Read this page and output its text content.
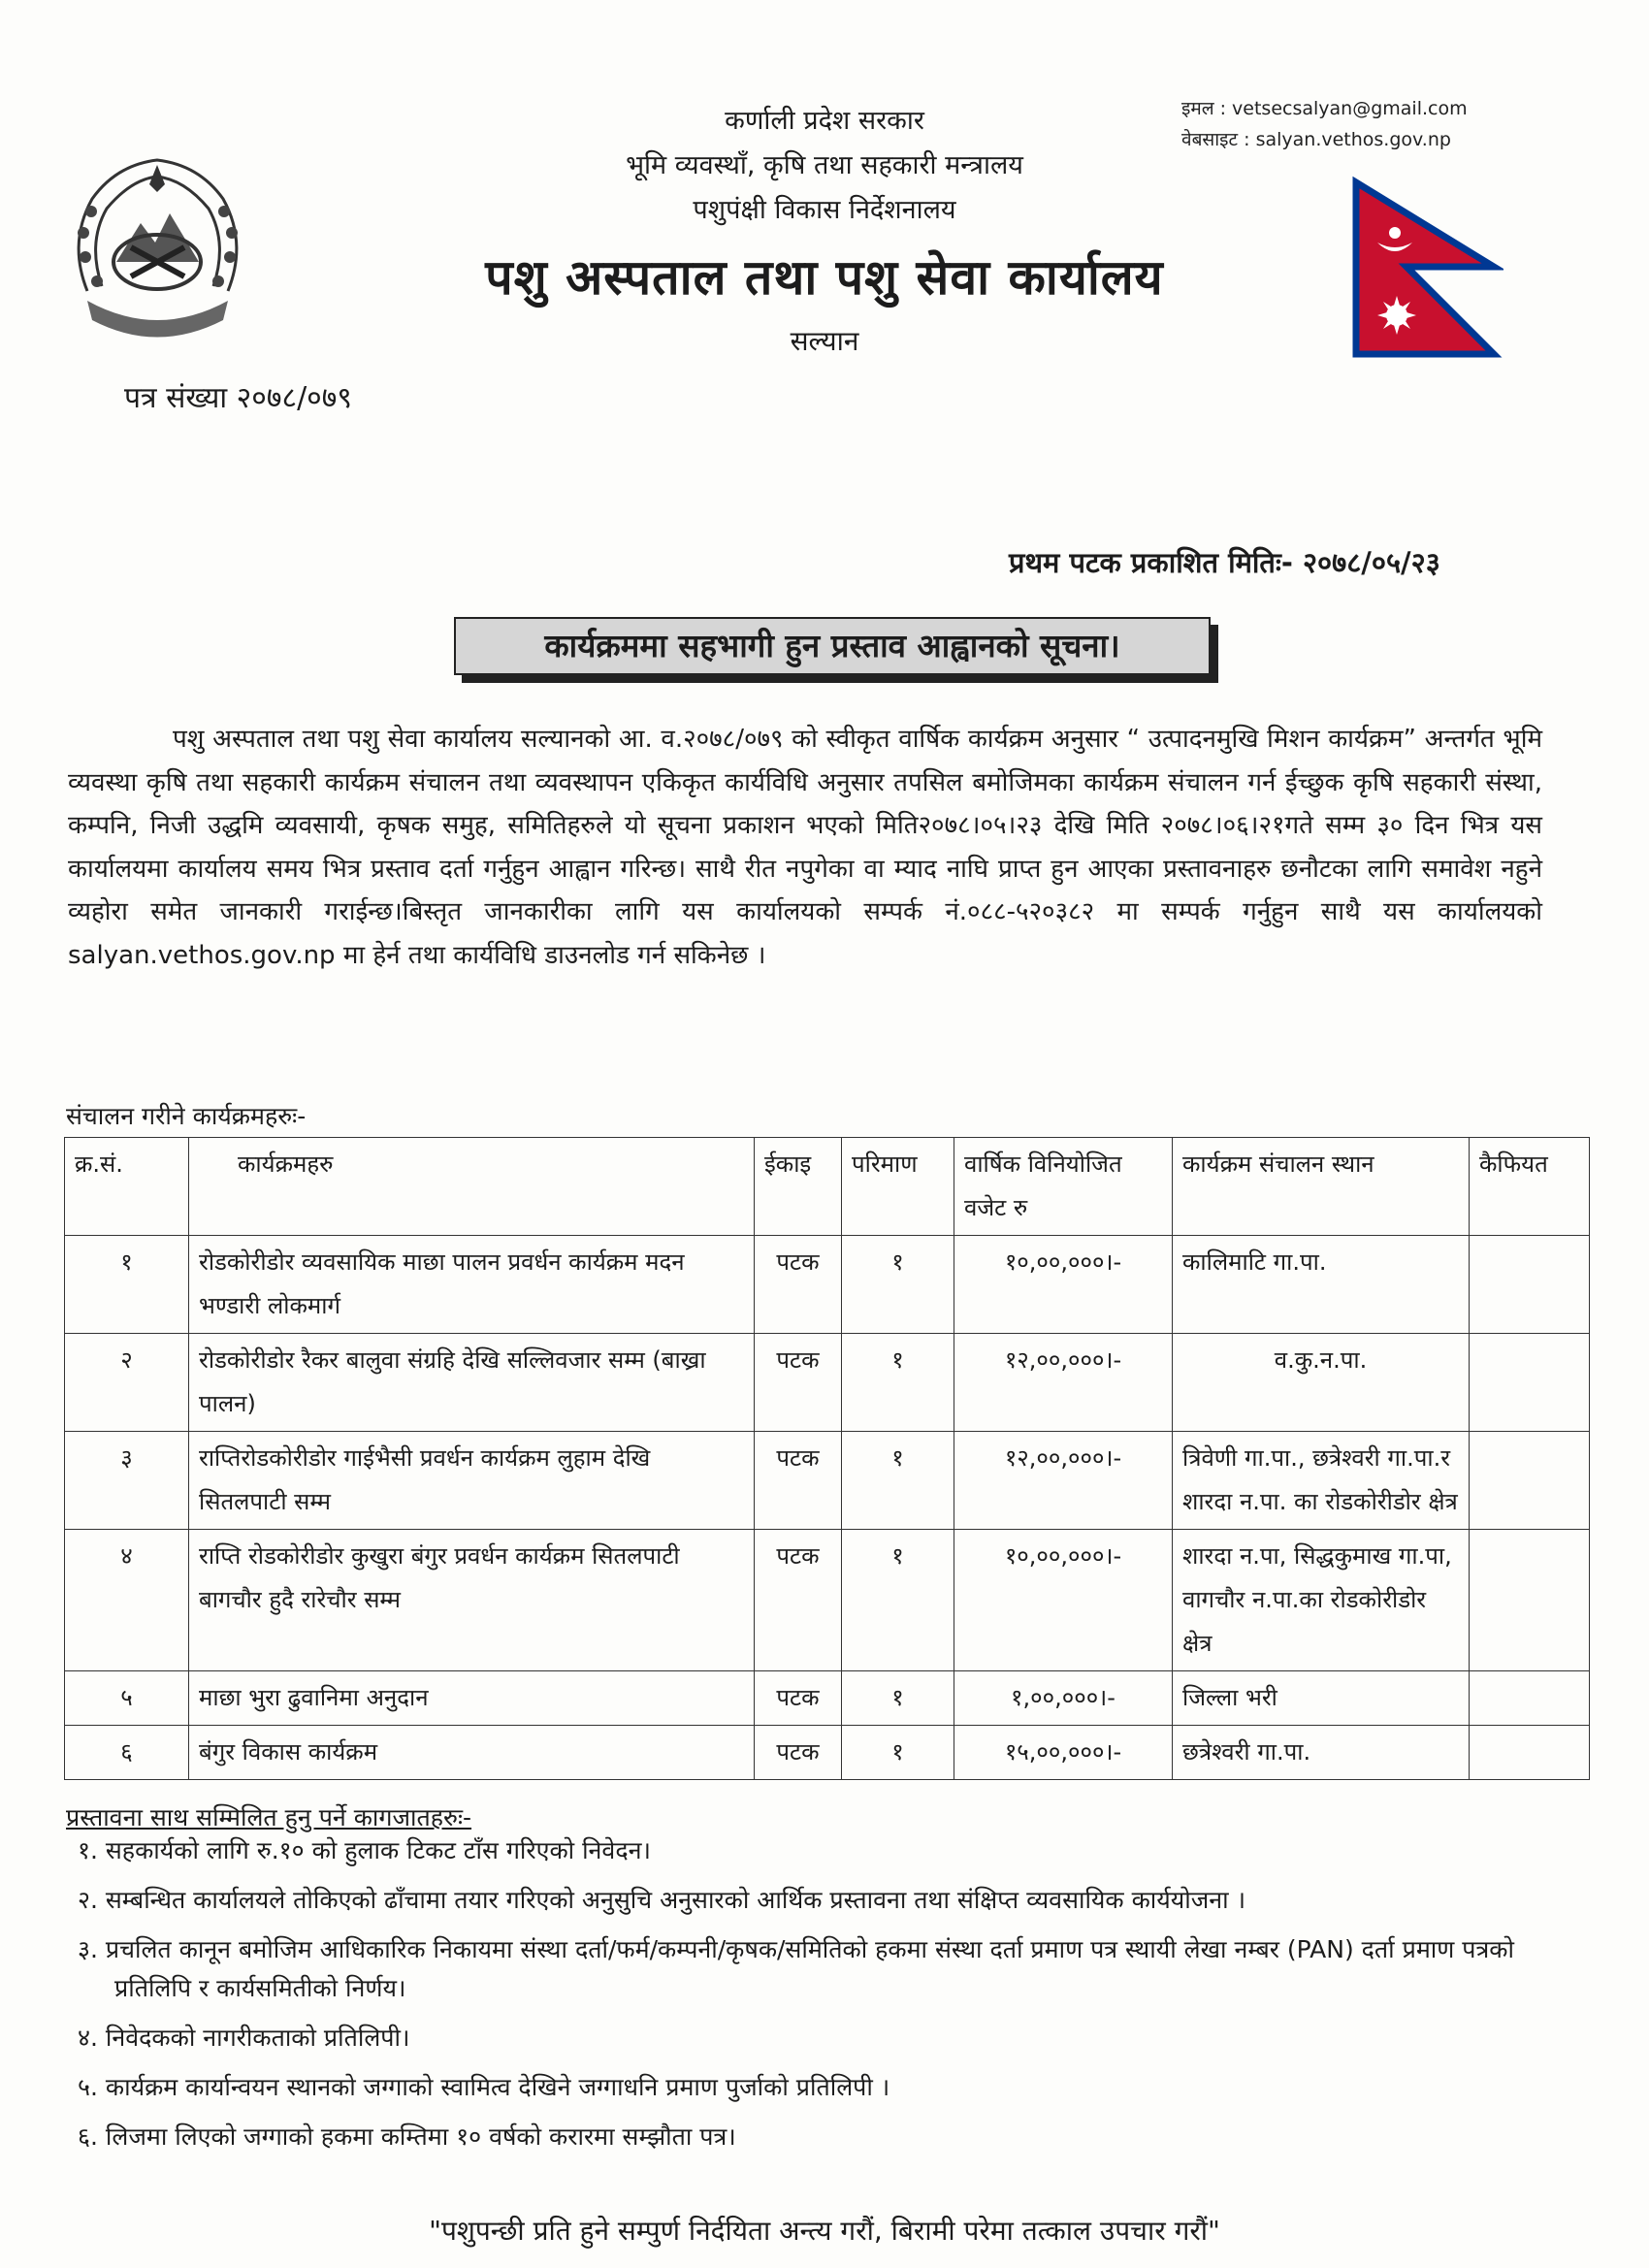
कर्णाली प्रदेश सरकार
भूमि व्यवस्थाँ, कृषि तथा सहकारी मन्त्रालय
पशुपंक्षी विकास निर्देशनालय
पशु अस्पताल तथा पशु सेवा कार्यालय
सल्यान
इमल : vetsecsalyan@gmail.com
वेबसाइट : salyan.vethos.gov.np
पत्र संख्या २०७८/०७९
प्रथम पटक प्रकाशित मितिः- २०७८/०५/२३
कार्यक्रममा सहभागी हुन प्रस्ताव आह्वानको सूचना।

पशु अस्पताल तथा पशु सेवा कार्यालय सल्यानको आ. व.२०७८/०७९ को स्वीकृत वार्षिक कार्यक्रम अनुसार “ उत्पादनमुखि मिशन कार्यक्रम” अन्तर्गत भूमि व्यवस्था कृषि तथा सहकारी कार्यक्रम संचालन तथा व्यवस्थापन एकिकृत कार्यविधि अनुसार तपसिल बमोजिमका कार्यक्रम संचालन गर्न ईच्छुक कृषि सहकारी संस्था, कम्पनि, निजी उद्धमि व्यवसायी, कृषक समुह, समितिहरुले यो सूचना प्रकाशन भएको मिति२०७८।०५।२३ देखि मिति २०७८।०६।२१गते सम्म ३० दिन भित्र यस कार्यालयमा कार्यालय समय भित्र प्रस्ताव दर्ता गर्नुहुन आह्वान गरिन्छ। साथै रीत नपुगेका वा म्याद नाघि प्राप्त हुन आएका प्रस्तावनाहरु छनौटका लागि समावेश नहुने व्यहोरा समेत जानकारी गराईन्छ।बिस्तृत जानकारीका लागि यस कार्यालयको सम्पर्क नं.०८८-५२०३८२ मा सम्पर्क गर्नुहुन साथै यस कार्यालयको salyan.vethos.gov.np मा हेर्न तथा कार्यविधि डाउनलोड गर्न सकिनेछ ।

संचालन गरीने कार्यक्रमहरुः-
क्र.सं.	कार्यक्रमहरु	ईकाइ	परिमाण	वार्षिक विनियोजित वजेट रु	कार्यक्रम संचालन स्थान	कैफियत
१	रोडकोरीडोर व्यवसायिक माछा पालन प्रवर्धन कार्यक्रम मदन भण्डारी लोकमार्ग	पटक	१	१०,००,०००।-	कालिमाटि गा.पा.	
२	रोडकोरीडोर रैकर बालुवा संग्रहि देखि सल्लिवजार सम्म (बाख्रा पालन)	पटक	१	१२,००,०००।-	व.कु.न.पा.	
३	राप्तिरोडकोरीडोर गाईभैसी प्रवर्धन कार्यक्रम लुहाम देखि सितलपाटी सम्म	पटक	१	१२,००,०००।-	त्रिवेणी गा.पा., छत्रेश्वरी गा.पा.र शारदा न.पा. का रोडकोरीडोर क्षेत्र	
४	राप्ति रोडकोरीडोर कुखुरा बंगुर प्रवर्धन कार्यक्रम सितलपाटी बागचौर हुदै रारेचौर सम्म	पटक	१	१०,००,०००।-	शारदा न.पा, सिद्धकुमाख गा.पा, वागचौर न.पा.का रोडकोरीडोर क्षेत्र	
५	माछा भुरा ढुवानिमा अनुदान	पटक	१	१,००,०००।-	जिल्ला भरी	
६	बंगुर विकास कार्यक्रम	पटक	१	१५,००,०००।-	छत्रेश्वरी गा.पा.	
प्रस्तावना साथ सम्मिलित हुनु पर्ने कागजातहरुः-
१. सहकार्यको लागि रु.१० को हुलाक टिकट टाँस गरिएको निवेदन।
२. सम्बन्धित कार्यालयले तोकिएको ढाँचामा तयार गरिएको अनुसुचि अनुसारको आर्थिक प्रस्तावना तथा संक्षिप्त व्यवसायिक कार्ययोजना ।
३. प्रचलित कानून बमोजिम आधिकारिक निकायमा संस्था दर्ता/फर्म/कम्पनी/कृषक/समितिको हकमा संस्था दर्ता प्रमाण पत्र स्थायी लेखा नम्बर (PAN) दर्ता प्रमाण पत्रको प्रतिलिपि र कार्यसमितीको निर्णय।
४. निवेदकको नागरीकताको प्रतिलिपी।
५. कार्यक्रम कार्यान्वयन स्थानको जग्गाको स्वामित्व देखिने जग्गाधनि प्रमाण पुर्जाको प्रतिलिपी ।
६. लिजमा लिएको जग्गाको हकमा कम्तिमा १० वर्षको करारमा सम्झौता पत्र।
"पशुपन्छी प्रति हुने सम्पुर्ण निर्दयिता अन्त्य गरौं, बिरामी परेमा तत्काल उपचार गरौं"
